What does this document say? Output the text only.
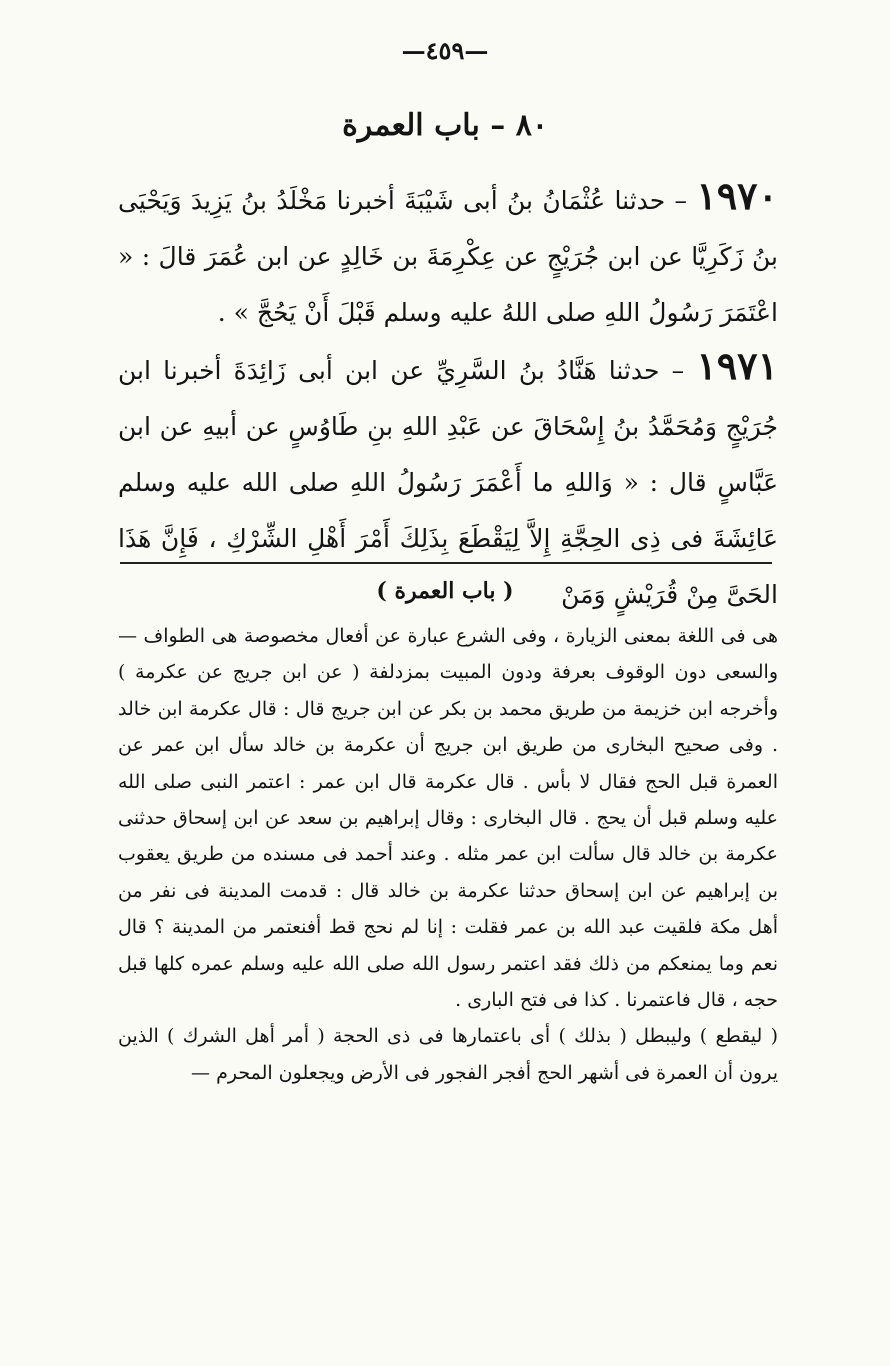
—٤٥٩—
٨٠ – باب العمرة
١٩٧٠ – حدثنا عُثْمَانُ بنُ أبى شَيْبَةَ أخبرنا مَخْلَدُ بنُ يَزِيدَ وَيَحْيَى بنُ زَكَرِيَّا عن ابن جُرَيْجٍ عن عِكْرِمَةَ بن خَالِدٍ عن ابن عُمَرَ قالَ : « اعْتَمَرَ رَسُولُ اللهِ صلى اللهُ عليه وسلم قَبْلَ أَنْ يَحُجَّ » .
١٩٧١ – حدثنا هَنَّادُ بنُ السَّرِيِّ عن ابن أبى زَائِدَةَ أخبرنا ابن جُرَيْجٍ وَمُحَمَّدُ بنُ إِسْحَاقَ عن عَبْدِ اللهِ بنِ طَاوُسٍ عن أبيهِ عن ابن عَبَّاسٍ قال : « وَاللهِ ما أَعْمَرَ رَسُولُ اللهِ صلى الله عليه وسلم عَائِشَةَ فى ذِى الحِجَّةِ إِلاَّ لِيَقْطَعَ بِذَلِكَ أَمْرَ أَهْلِ الشِّرْكِ ، فَإِنَّ هَذَا الحَىَّ مِنْ قُرَيْشٍ وَمَنْ
( باب العمرة )

هى فى اللغة بمعنى الزيارة ، وفى الشرع عبارة عن أفعال مخصوصة هى الطواف — والسعى دون الوقوف بعرفة ودون المبيت بمزدلفة ( عن ابن جريج عن عكرمة ) وأخرجه ابن خزيمة من طريق محمد بن بكر عن ابن جريج قال : قال عكرمة ابن خالد . وفى صحيح البخارى من طريق ابن جريج أن عكرمة بن خالد سأل ابن عمر عن العمرة قبل الحج فقال لا بأس . قال عكرمة قال ابن عمر : اعتمر النبى صلى الله عليه وسلم قبل أن يحج . قال البخارى : وقال إبراهيم بن سعد عن ابن إسحاق حدثنى عكرمة بن خالد قال سألت ابن عمر مثله . وعند أحمد فى مسنده من طريق يعقوب بن إبراهيم عن ابن إسحاق حدثنا عكرمة بن خالد قال : قدمت المدينة فى نفر من أهل مكة فلقيت عبد الله بن عمر فقلت : إنا لم نحج قط أفنعتمر من المدينة ؟ قال نعم وما يمنعكم من ذلك فقد اعتمر رسول الله صلى الله عليه وسلم عمره كلها قبل حجه ، قال فاعتمرنا . كذا فى فتح البارى .

( ليقطع ) وليبطل ( بذلك ) أى باعتمارها فى ذى الحجة ( أمر أهل الشرك ) الذين يرون أن العمرة فى أشهر الحج أفجر الفجور فى الأرض ويجعلون المحرم —
